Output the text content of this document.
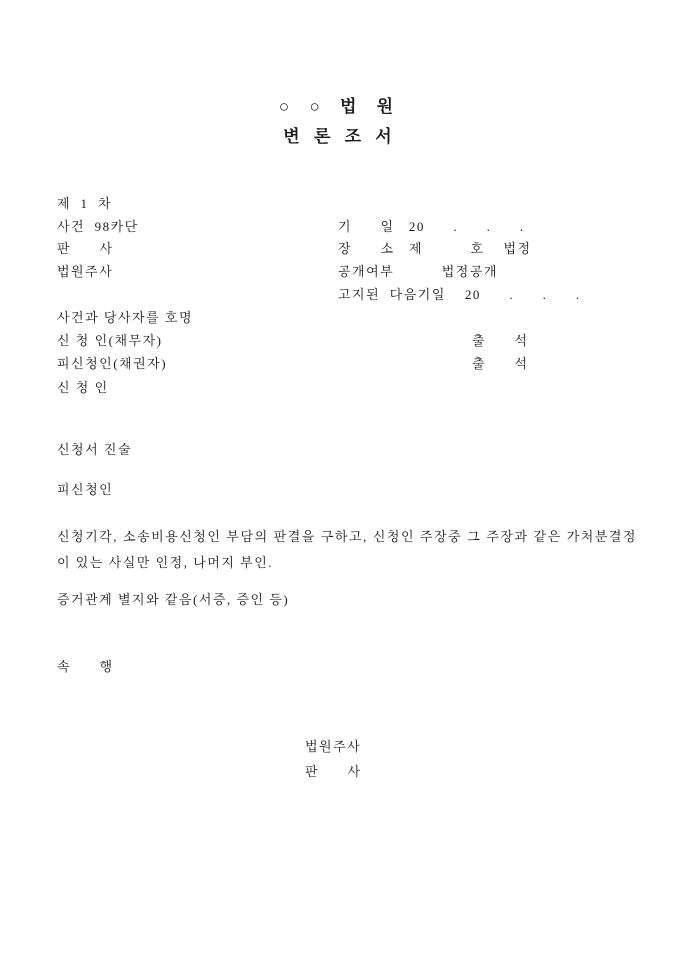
○ ○ 법 원
변 론 조 서
제  1  차
사건  98카단
판      사
법원주사
기      일   20      .      .      .
장      소   제          호    법정
공개여부          법정공개
고지된  다음기일    20      .      .      .
사건과 당사자를 호명
신 청 인(채무자)	출      석
피신청인(채권자)	출      석
신 청 인
신청서 진술
피신청인
신청기각, 소송비용신청인 부담의 판결을 구하고, 신청인 주장중 그 주장과 같은 가처분결정이 있는 사실만 인정, 나머지 부인.
증거관계 별지와 같음(서증, 증인 등)
속      행
법원주사
판      사
